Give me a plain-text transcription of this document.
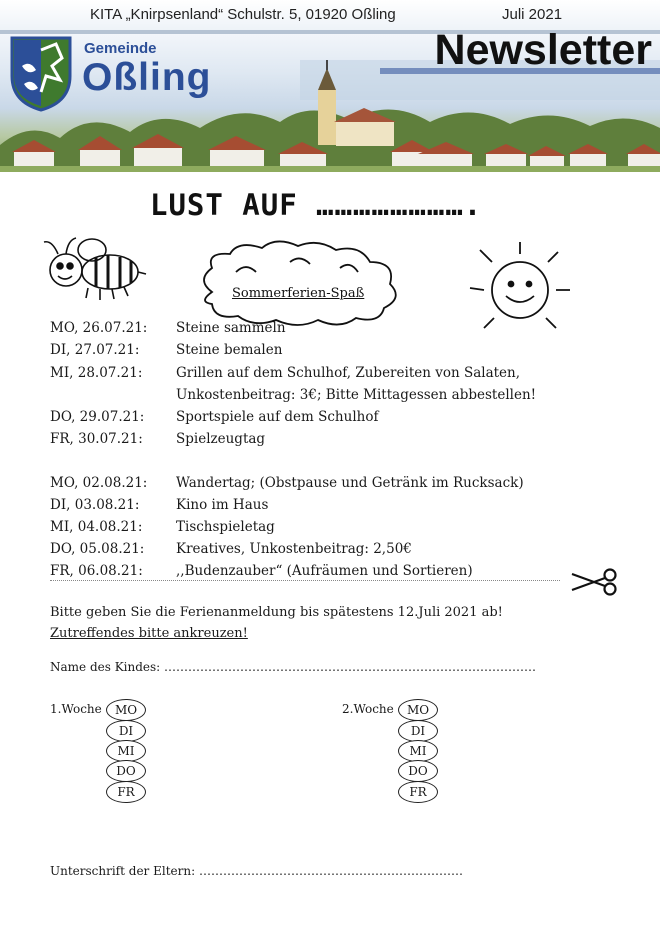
KITA „Knirpsenland“ Schulstr. 5, 01920 Oßling	Juli 2021
Gemeinde
Oßling
Newsletter
LUST AUF …………………….
Sommerferien-Spaß
MO, 26.07.21: Steine sammeln
DI, 27.07.21:	Steine bemalen
MI, 28.07.21: Grillen auf dem Schulhof, Zubereiten von Salaten,
Unkostenbeitrag: 3€; Bitte Mittagessen abbestellen!
DO, 29.07.21: Sportspiele auf dem Schulhof
FR, 30.07.21: Spielzeugtag
MO, 02.08.21: Wandertag; (Obstpause und Getränk im Rucksack)
DI, 03.08.21:	Kino im Haus
MI, 04.08.21: Tischspieletag
DO, 05.08.21: Kreatives, Unkostenbeitrag: 2,50€
FR, 06.08.21: ,,Budenzauber“ (Aufräumen und Sortieren)
Bitte geben Sie die Ferienanmeldung bis spätestens 12.Juli 2021 ab!
Zutreffendes bitte ankreuzen!
Name des Kindes: …………………………………………………………………………………
1.Woche	MO
DI
MI
DO
FR
2.Woche	MO
DI
MI
DO
FR
Unterschrift der Eltern: …………………………………………………………
